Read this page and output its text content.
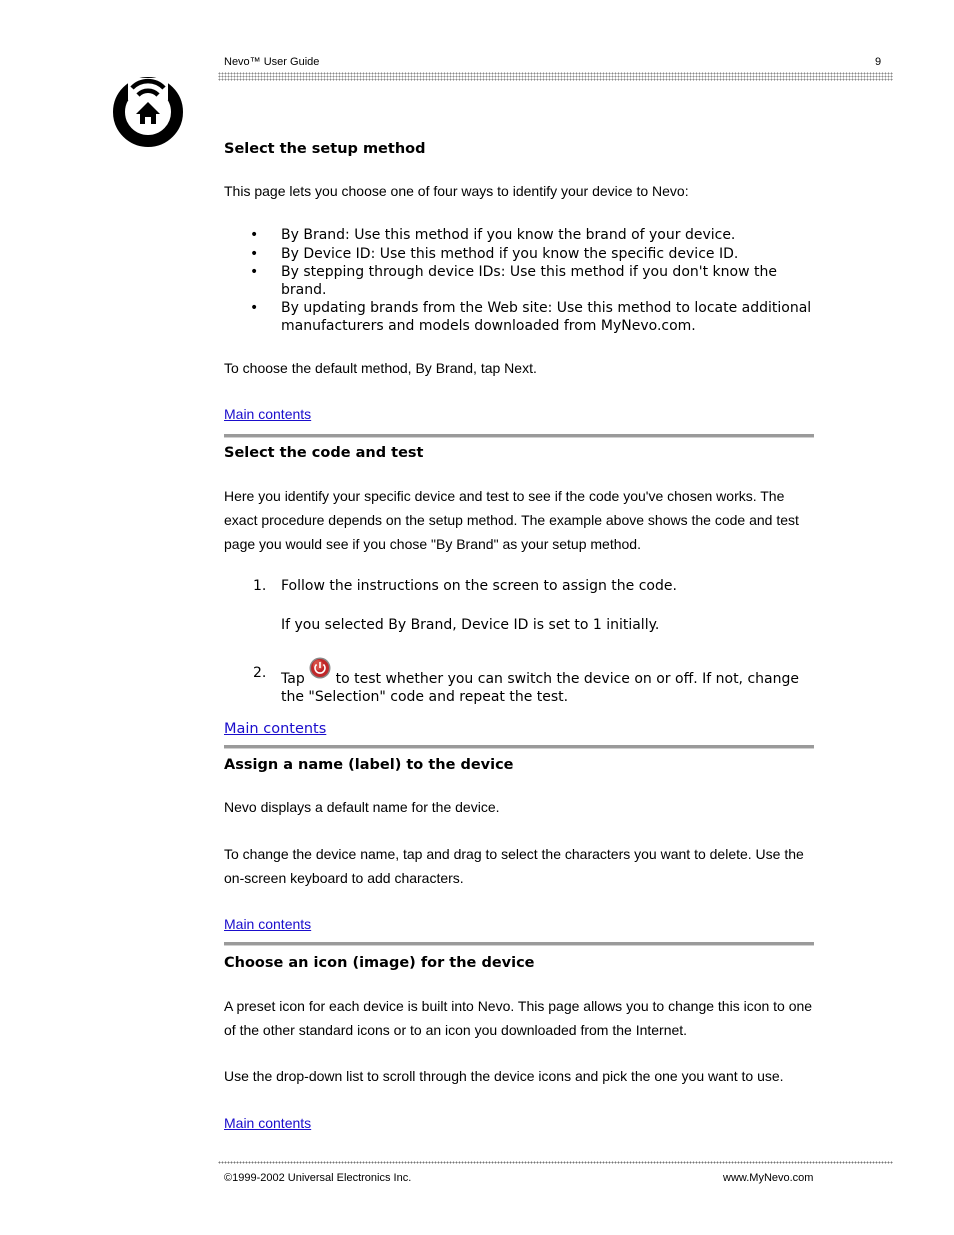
Nevo™ User Guide	9
Select the setup method
This page lets you choose one of four ways to identify your device to Nevo:
• By Brand: Use this method if you know the brand of your device.
• By Device ID: Use this method if you know the specific device ID.
• By stepping through device IDs: Use this method if you don't know the brand.
• By updating brands from the Web site: Use this method to locate additional manufacturers and models downloaded from MyNevo.com.
To choose the default method, By Brand, tap Next.
Main contents
Select the code and test
Here you identify your specific device and test to see if the code you've chosen works. The exact procedure depends on the setup method. The example above shows the code and test page you would see if you chose "By Brand" as your setup method.
1. Follow the instructions on the screen to assign the code.
If you selected By Brand, Device ID is set to 1 initially.
2. Tap to test whether you can switch the device on or off. If not, change the "Selection" code and repeat the test.
Main contents
Assign a name (label) to the device
Nevo displays a default name for the device.
To change the device name, tap and drag to select the characters you want to delete. Use the on-screen keyboard to add characters.
Main contents
Choose an icon (image) for the device
A preset icon for each device is built into Nevo. This page allows you to change this icon to one of the other standard icons or to an icon you downloaded from the Internet.
Use the drop-down list to scroll through the device icons and pick the one you want to use.
Main contents
©1999-2002 Universal Electronics Inc.	www.MyNevo.com
